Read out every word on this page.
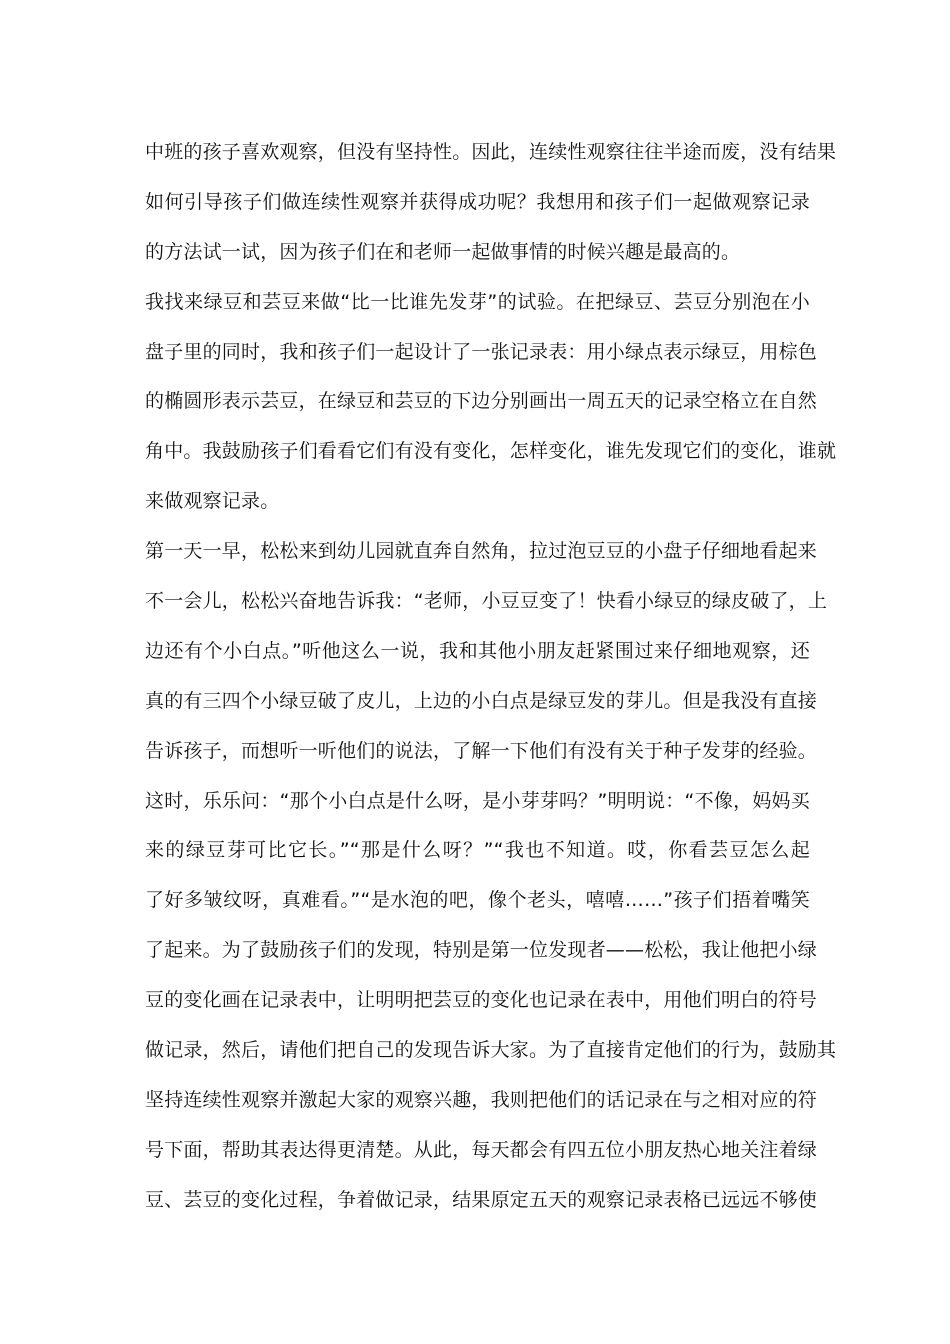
中班的孩子喜欢观察，但没有坚持性。因此，连续性观察往往半途而废，没有结果
如何引导孩子们做连续性观察并获得成功呢？我想用和孩子们一起做观察记录
的方法试一试，因为孩子们在和老师一起做事情的时候兴趣是最高的。
我找来绿豆和芸豆来做“比一比谁先发芽”的试验。在把绿豆、芸豆分别泡在小
盘子里的同时，我和孩子们一起设计了一张记录表：用小绿点表示绿豆，用棕色
的椭圆形表示芸豆，在绿豆和芸豆的下边分别画出一周五天的记录空格立在自然
角中。我鼓励孩子们看看它们有没有变化，怎样变化，谁先发现它们的变化，谁就
来做观察记录。
第一天一早，松松来到幼儿园就直奔自然角，拉过泡豆豆的小盘子仔细地看起来
不一会儿，松松兴奋地告诉我：“老师，小豆豆变了！快看小绿豆的绿皮破了，上
边还有个小白点。”听他这么一说，我和其他小朋友赶紧围过来仔细地观察，还
真的有三四个小绿豆破了皮儿，上边的小白点是绿豆发的芽儿。但是我没有直接
告诉孩子，而想听一听他们的说法，了解一下他们有没有关于种子发芽的经验。
这时，乐乐问：“那个小白点是什么呀，是小芽芽吗？”明明说：“不像，妈妈买
来的绿豆芽可比它长。”“那是什么呀？”“我也不知道。哎，你看芸豆怎么起
了好多皱纹呀，真难看。”“是水泡的吧，像个老头，嘻嘻……”孩子们捂着嘴笑
了起来。为了鼓励孩子们的发现，特别是第一位发现者——松松，我让他把小绿
豆的变化画在记录表中，让明明把芸豆的变化也记录在表中，用他们明白的符号
做记录，然后，请他们把自己的发现告诉大家。为了直接肯定他们的行为，鼓励其
坚持连续性观察并激起大家的观察兴趣，我则把他们的话记录在与之相对应的符
号下面，帮助其表达得更清楚。从此，每天都会有四五位小朋友热心地关注着绿
豆、芸豆的变化过程，争着做记录，结果原定五天的观察记录表格已远远不够使
